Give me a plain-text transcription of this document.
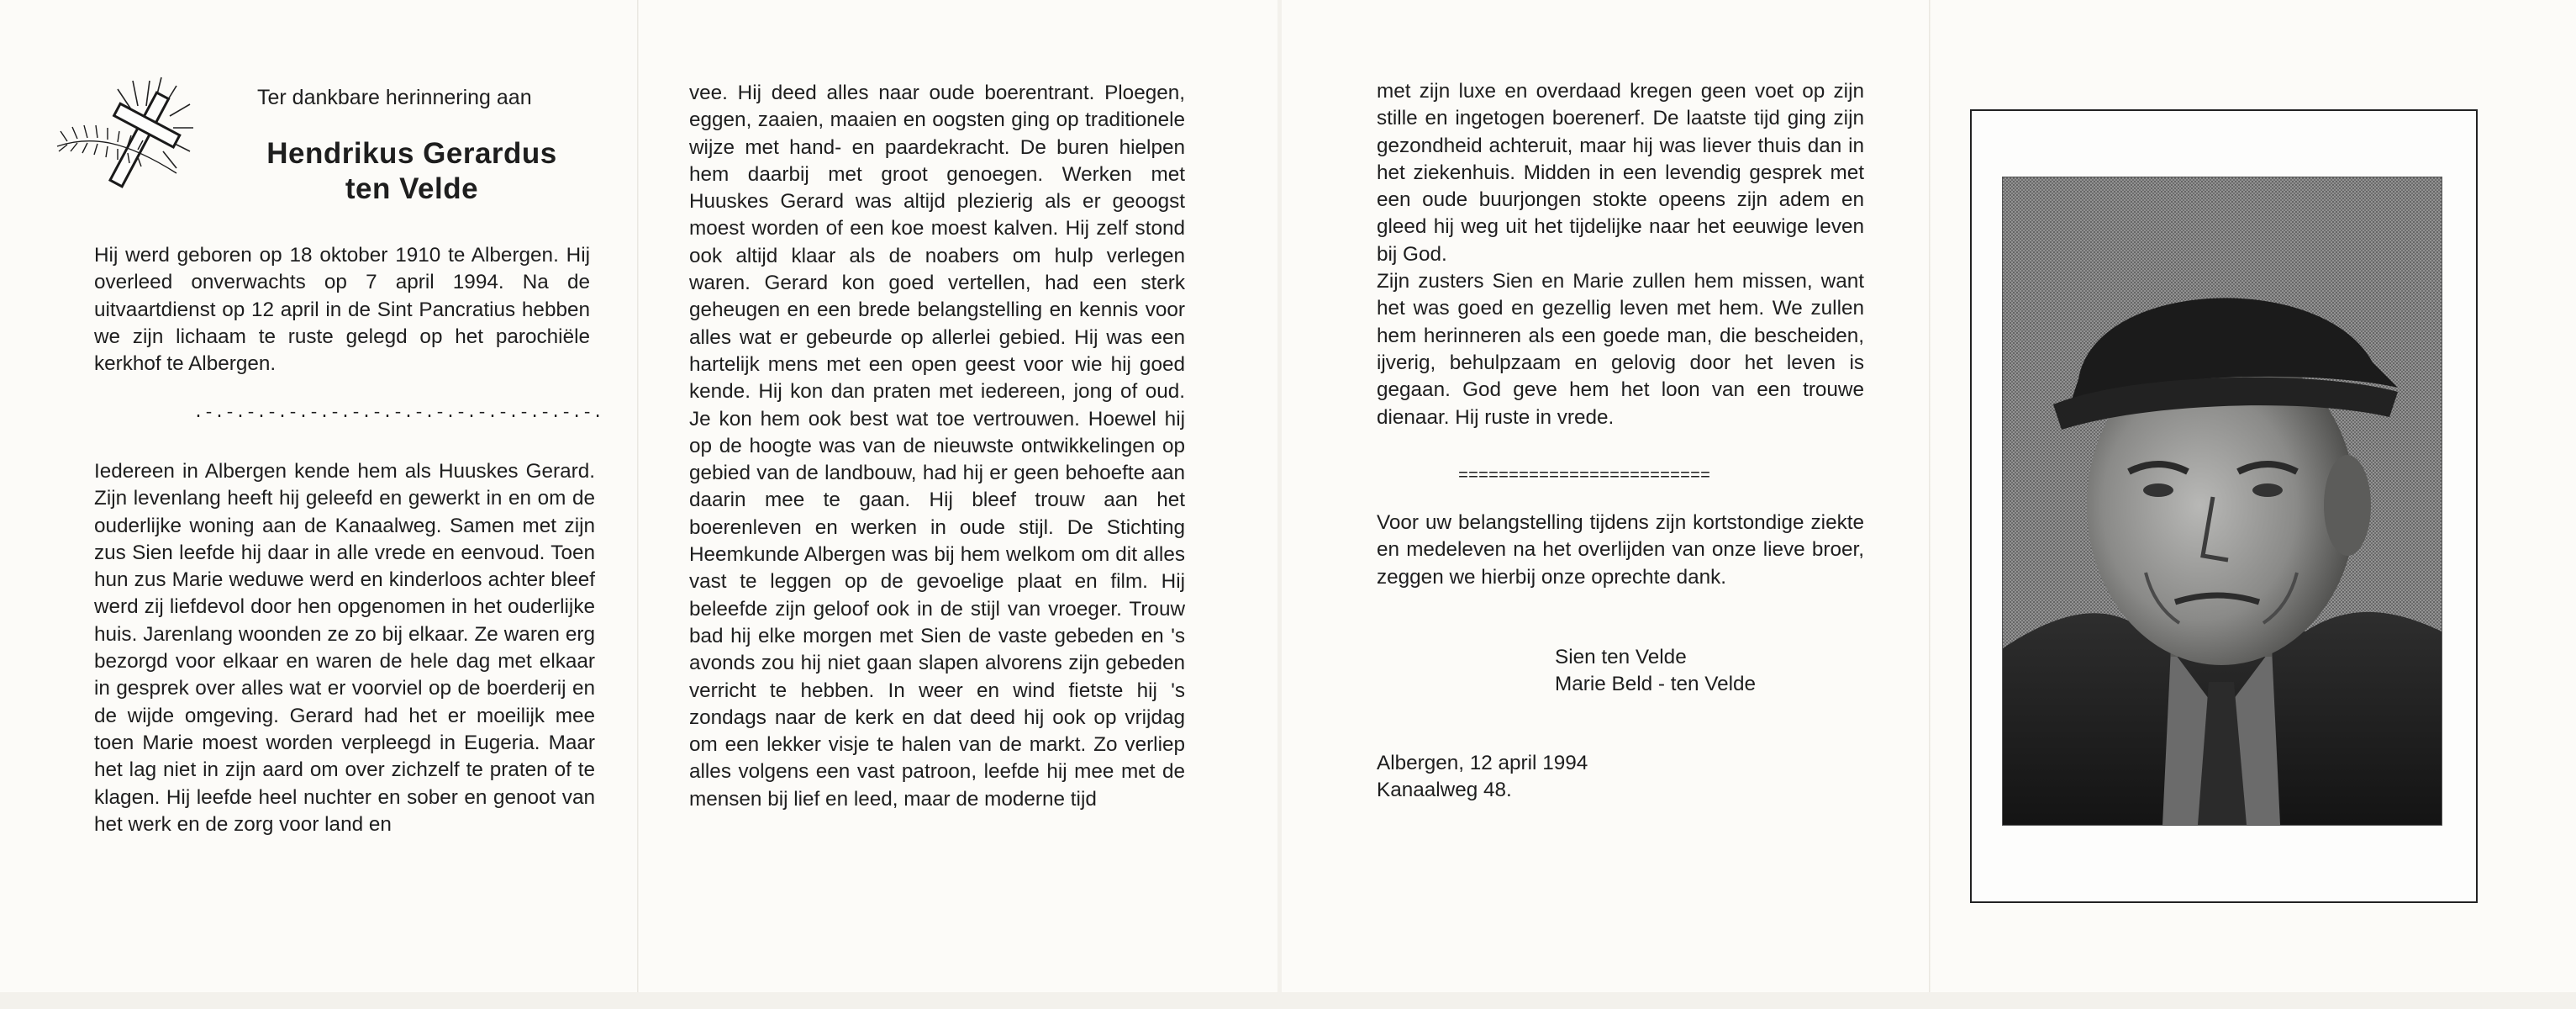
Ter dankbare herinnering aan
Hendrikus Gerardus
ten Velde

Hij werd geboren op 18 oktober 1910 te Albergen. Hij overleed onverwachts op 7 april 1994. Na de uitvaartdienst op 12 april in de Sint Pancratius hebben we zijn lichaam te ruste gelegd op het parochiële kerkhof te Albergen.

.-.-.-.-.-.-.-.-.-.-.-.-.-.-.-.-.-.-.-.

Iedereen in Albergen kende hem als Huuskes Gerard. Zijn levenlang heeft hij geleefd en gewerkt in en om de ouderlijke woning aan de Kanaalweg. Samen met zijn zus Sien leefde hij daar in alle vrede en eenvoud. Toen hun zus Marie weduwe werd en kinderloos achter bleef werd zij liefdevol door hen opgenomen in het ouderlijke huis. Jarenlang woonden ze zo bij elkaar. Ze waren erg bezorgd voor elkaar en waren de hele dag met elkaar in gesprek over alles wat er voorviel op de boerderij en de wijde omgeving. Gerard had het er moeilijk mee toen Marie moest worden verpleegd in Eugeria. Maar het lag niet in zijn aard om over zichzelf te praten of te klagen. Hij leefde heel nuchter en sober en genoot van het werk en de zorg voor land en

vee. Hij deed alles naar oude boerentrant. Ploegen, eggen, zaaien, maaien en oogsten ging op traditionele wijze met hand- en paardekracht. De buren hielpen hem daarbij met groot genoegen. Werken met Huuskes Gerard was altijd plezierig als er geoogst moest worden of een koe moest kalven. Hij zelf stond ook altijd klaar als de noabers om hulp verlegen waren. Gerard kon goed vertellen, had een sterk geheugen en een brede belangstelling en kennis voor alles wat er gebeurde op allerlei gebied. Hij was een hartelijk mens met een open geest voor wie hij goed kende. Hij kon dan praten met iedereen, jong of oud. Je kon hem ook best wat toe vertrouwen. Hoewel hij op de hoogte was van de nieuwste ontwikkelingen op gebied van de landbouw, had hij er geen behoefte aan daarin mee te gaan. Hij bleef trouw aan het boerenleven en werken in oude stijl. De Stichting Heemkunde Albergen was bij hem welkom om dit alles vast te leggen op de gevoelige plaat en film. Hij beleefde zijn geloof ook in de stijl van vroeger. Trouw bad hij elke morgen met Sien de vaste gebeden en 's avonds zou hij niet gaan slapen alvorens zijn gebeden verricht te hebben. In weer en wind fietste hij 's zondags naar de kerk en dat deed hij ook op vrijdag om een lekker visje te halen van de markt. Zo verliep alles volgens een vast patroon, leefde hij mee met de mensen bij lief en leed, maar de moderne tijd

met zijn luxe en overdaad kregen geen voet op zijn stille en ingetogen boerenerf. De laatste tijd ging zijn gezondheid achteruit, maar hij was liever thuis dan in het ziekenhuis. Midden in een levendig gesprek met een oude buurjongen stokte opeens zijn adem en gleed hij weg uit het tijdelijke naar het eeuwige leven bij God.

Zijn zusters Sien en Marie zullen hem missen, want het was goed en gezellig leven met hem. We zullen hem herinneren als een goede man, die bescheiden, ijverig, behulpzaam en gelovig door het leven is gegaan. God geve hem het loon van een trouwe dienaar. Hij ruste in vrede.

=========================

Voor uw belangstelling tijdens zijn kortstondige ziekte en medeleven na het overlijden van onze lieve broer, zeggen we hierbij onze oprechte dank.

Sien ten Velde
Marie Beld - ten Velde
Albergen, 12 april 1994
Kanaalweg 48.
